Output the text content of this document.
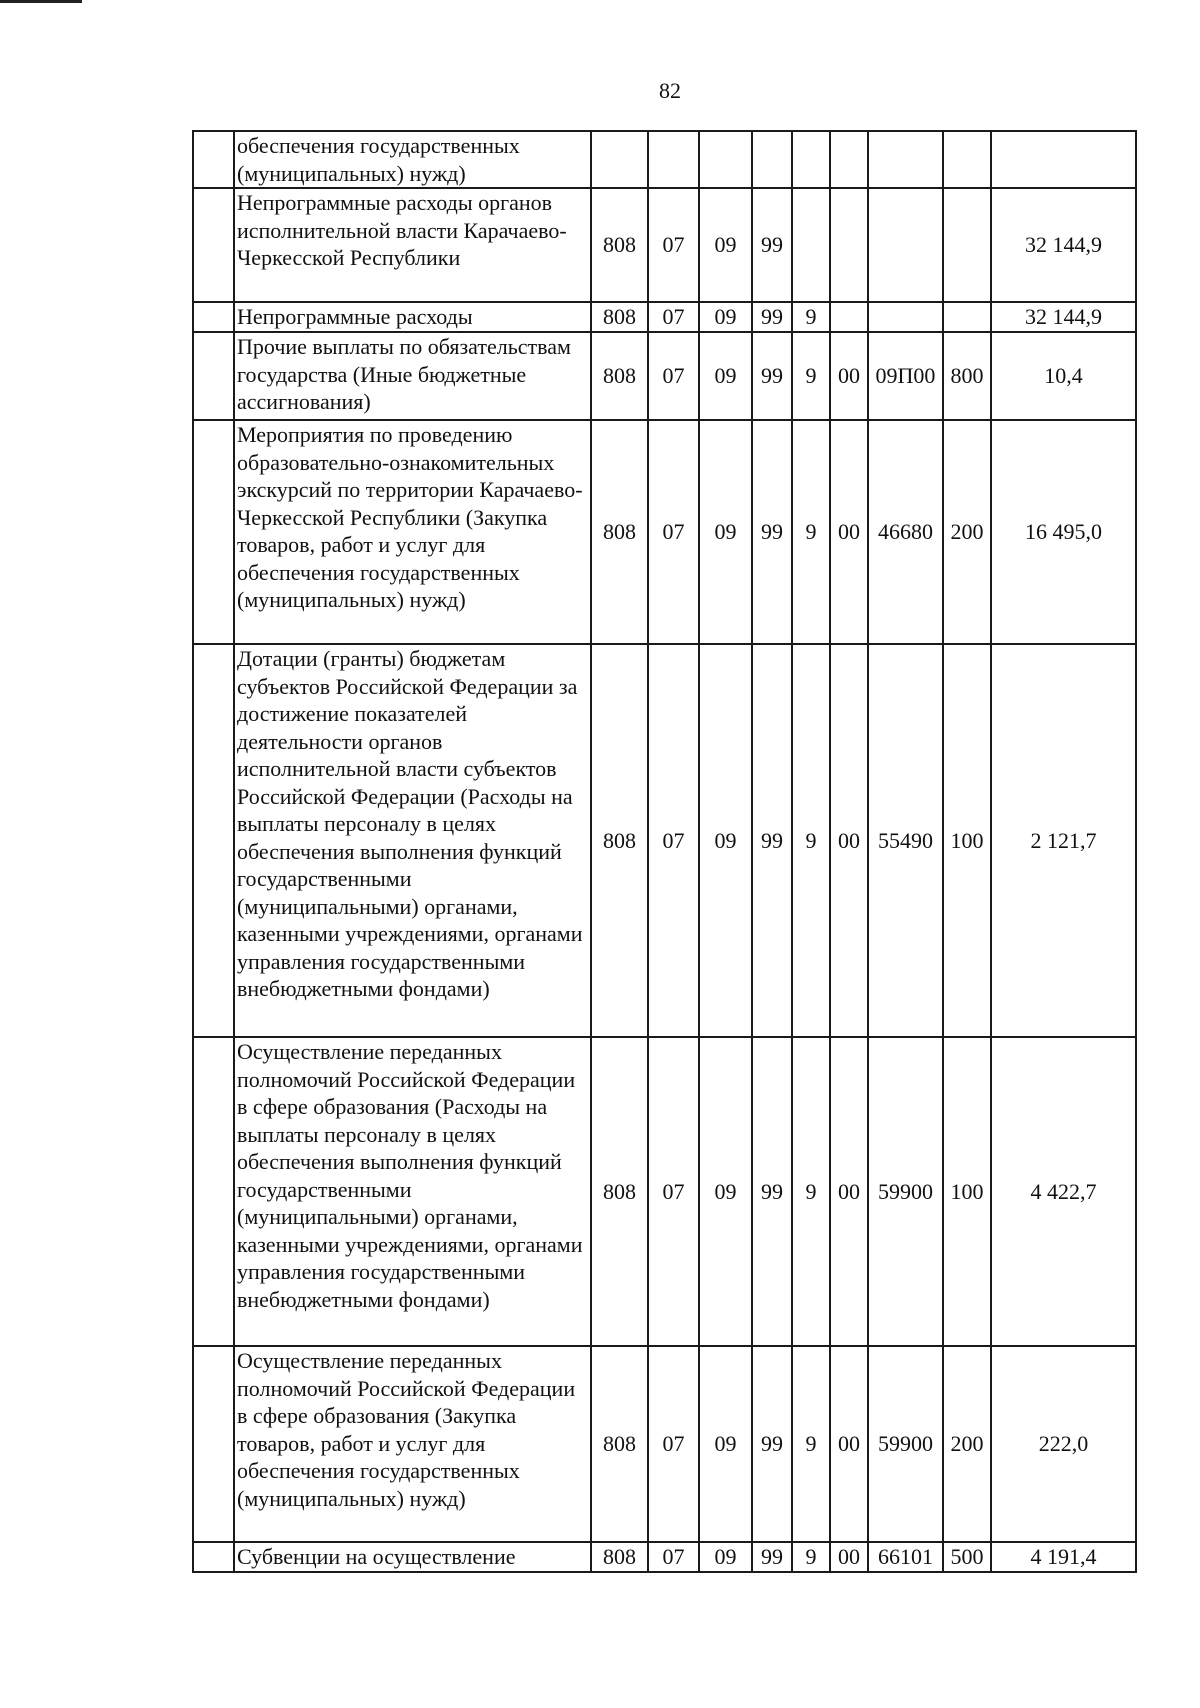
82
	обеспечения государственных (муниципальных) нужд)									
	Непрограммные расходы органов исполнительной власти Карачаево-Черкесской Республики	808	07	09	99					32 144,9
	Непрограммные расходы	808	07	09	99	9				32 144,9
	Прочие выплаты по обязательствам государства (Иные бюджетные ассигнования)	808	07	09	99	9	00	09П00	800	10,4
	Мероприятия по проведению образовательно-ознакомительных экскурсий по территории Карачаево-Черкесской Республики (Закупка товаров, работ и услуг для обеспечения государственных (муниципальных) нужд)	808	07	09	99	9	00	46680	200	16 495,0
	Дотации (гранты) бюджетам субъектов Российской Федерации за достижение показателей деятельности органов исполнительной власти субъектов Российской Федерации (Расходы на выплаты персоналу в целях обеспечения выполнения функций государственными (муниципальными) органами, казенными учреждениями, органами управления государственными внебюджетными фондами)	808	07	09	99	9	00	55490	100	2 121,7
	Осуществление переданных полномочий Российской Федерации в сфере образования (Расходы на выплаты персоналу в целях обеспечения выполнения функций государственными (муниципальными) органами, казенными учреждениями, органами управления государственными внебюджетными фондами)	808	07	09	99	9	00	59900	100	4 422,7
	Осуществление переданных полномочий Российской Федерации в сфере образования (Закупка товаров, работ и услуг для обеспечения государственных (муниципальных) нужд)	808	07	09	99	9	00	59900	200	222,0
	Субвенции на осуществление	808	07	09	99	9	00	66101	500	4 191,4
